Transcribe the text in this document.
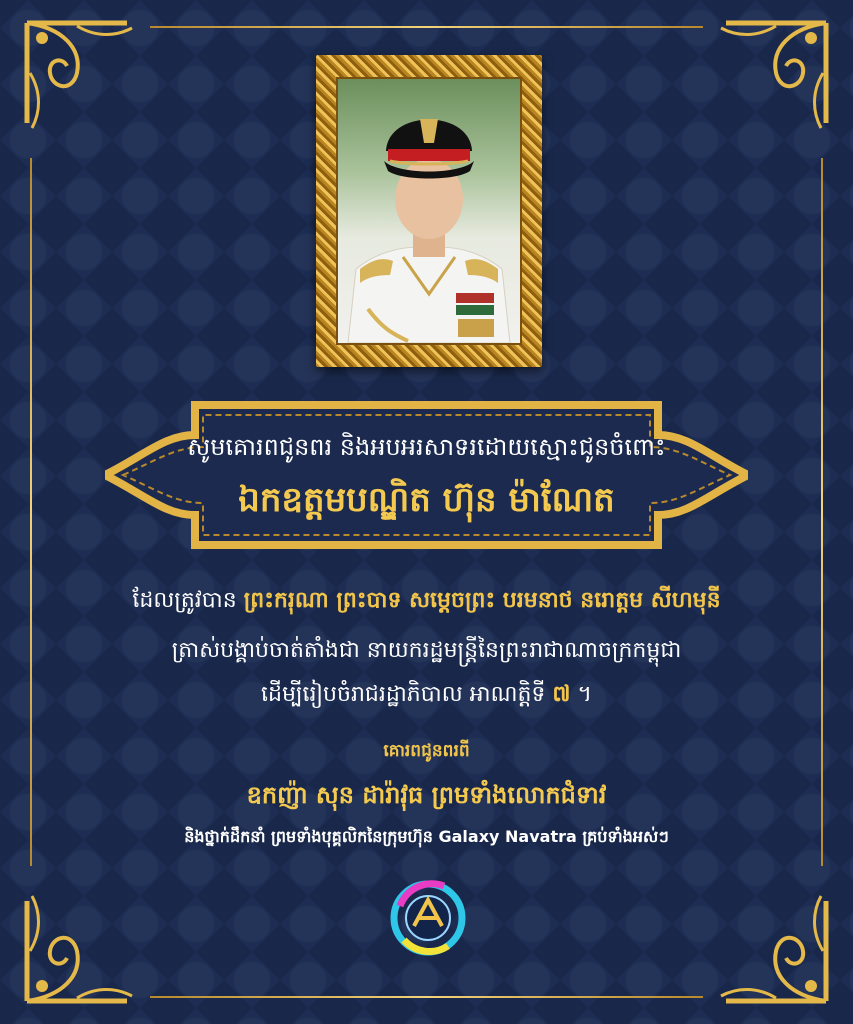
សូមគោរពជូនពរ និងអបអរសាទរដោយស្មោះជូនចំពោះ
ឯកឧត្តមបណ្ឌិត ហ៊ុន ម៉ាណែត
ដែលត្រូវបាន ព្រះករុណា ព្រះបាទ សម្តេចព្រះ បរមនាថ នរោត្តម សីហមុនី
ត្រាស់បង្គាប់ចាត់តាំងជា នាយករដ្ឋមន្ត្រីនៃព្រះរាជាណាចក្រកម្ពុជា
ដើម្បីរៀបចំរាជរដ្ឋាភិបាល អាណត្តិទី ៧ ។
គោរពជូនពរពី
ឧកញ៉ា សុន ដារ៉ាវុធ ព្រមទាំងលោកជំទាវ
និងថ្នាក់ដឹកនាំ ព្រមទាំងបុគ្គលិកនៃក្រុមហ៊ុន Galaxy Navatra គ្រប់ទាំងអស់ៗ
